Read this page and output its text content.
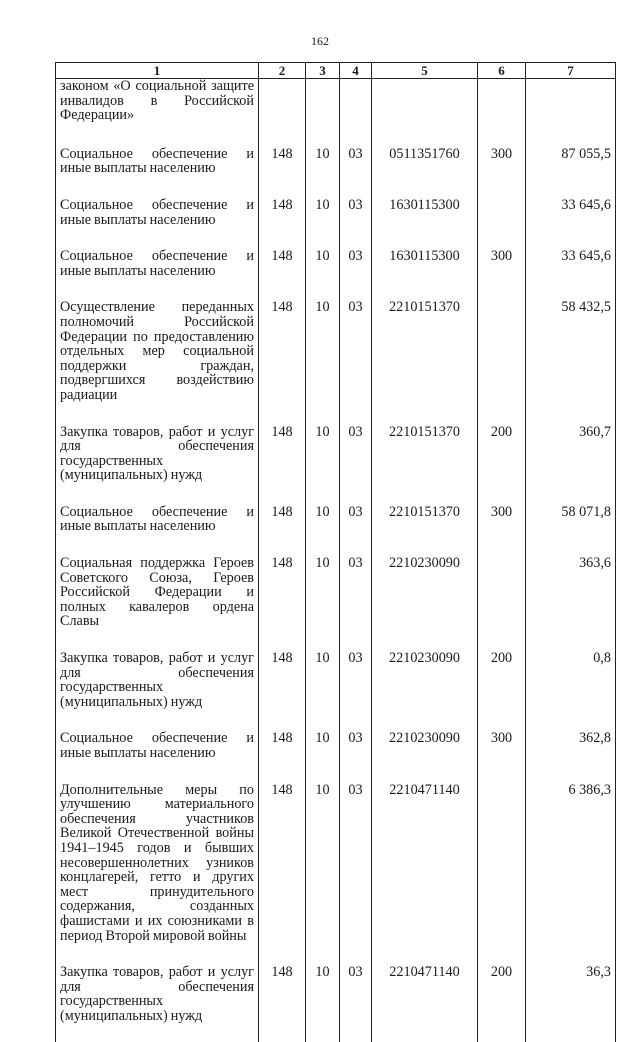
162
1	2	3	4	5	6	7
законом «О социальной защите инвалидов в Российской Федерации»						
Социальное обеспечение и иные выплаты населению	148	10	03	0511351760	300	87 055,5
Социальное обеспечение и иные выплаты населению	148	10	03	1630115300		33 645,6
Социальное обеспечение и иные выплаты населению	148	10	03	1630115300	300	33 645,6
Осуществление переданных полномочий Российской Федерации по предоставлению отдельных мер социальной поддержки граждан, подвергшихся воздействию радиации	148	10	03	2210151370		58 432,5
Закупка товаров, работ и услуг для обеспечения государственных (муниципальных) нужд	148	10	03	2210151370	200	360,7
Социальное обеспечение и иные выплаты населению	148	10	03	2210151370	300	58 071,8
Социальная поддержка Героев Советского Союза, Героев Российской Федерации и полных кавалеров ордена Славы	148	10	03	2210230090		363,6
Закупка товаров, работ и услуг для обеспечения государственных (муниципальных) нужд	148	10	03	2210230090	200	0,8
Социальное обеспечение и иные выплаты населению	148	10	03	2210230090	300	362,8
Дополнительные меры по улучшению материального обеспечения участников Великой Отечественной войны 1941–1945 годов и бывших несовершеннолетних узников концлагерей, гетто и других мест принудительного содержания, созданных фашистами и их союзниками в период Второй мировой войны	148	10	03	2210471140		6 386,3
Закупка товаров, работ и услуг для обеспечения государственных (муниципальных) нужд	148	10	03	2210471140	200	36,3
